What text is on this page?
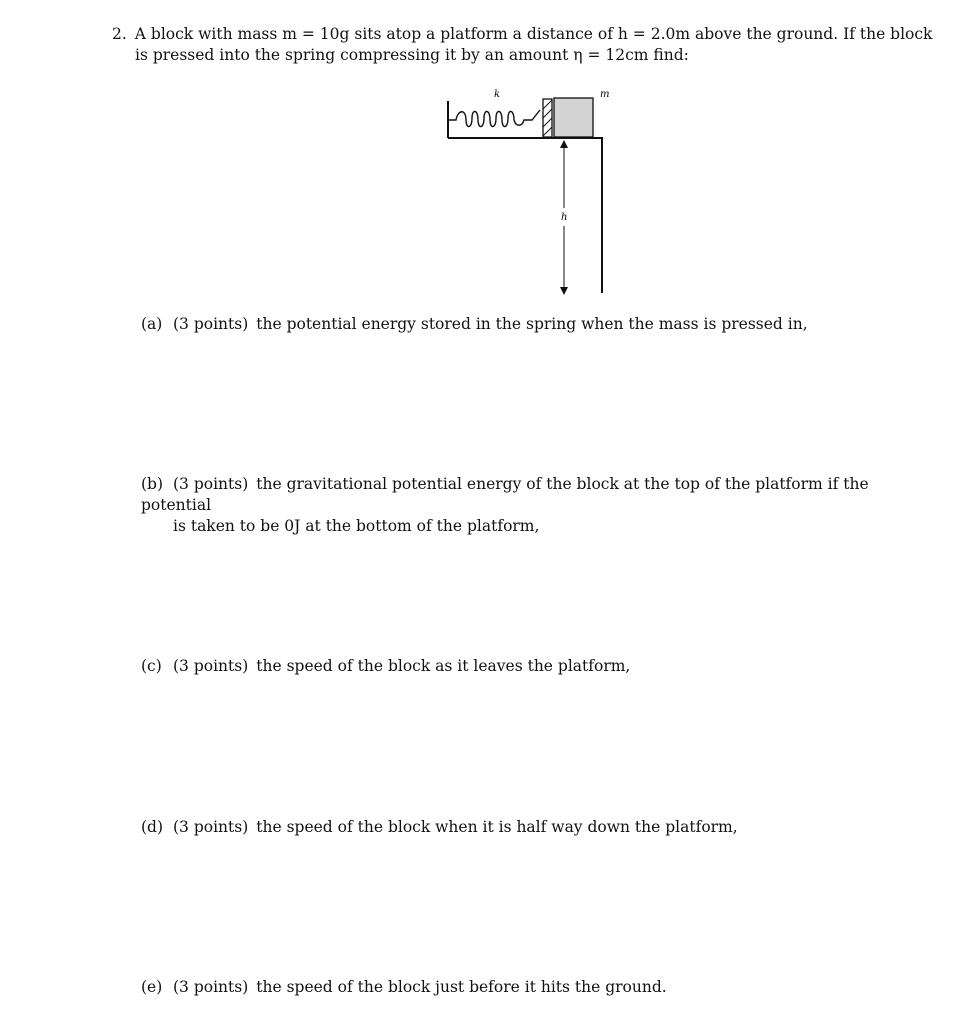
2. A block with mass m = 10g sits atop a platform a distance of h = 2.0m above the ground. If the block
is pressed into the spring compressing it by an amount η = 12cm find:
k	m
h
(a) (3 points) the potential energy stored in the spring when the mass is pressed in,
(b) (3 points) the gravitational potential energy of the block at the top of the platform if the potential
is taken to be 0J at the bottom of the platform,
(c) (3 points) the speed of the block as it leaves the platform,
(d) (3 points) the speed of the block when it is half way down the platform,
(e) (3 points) the speed of the block just before it hits the ground.
